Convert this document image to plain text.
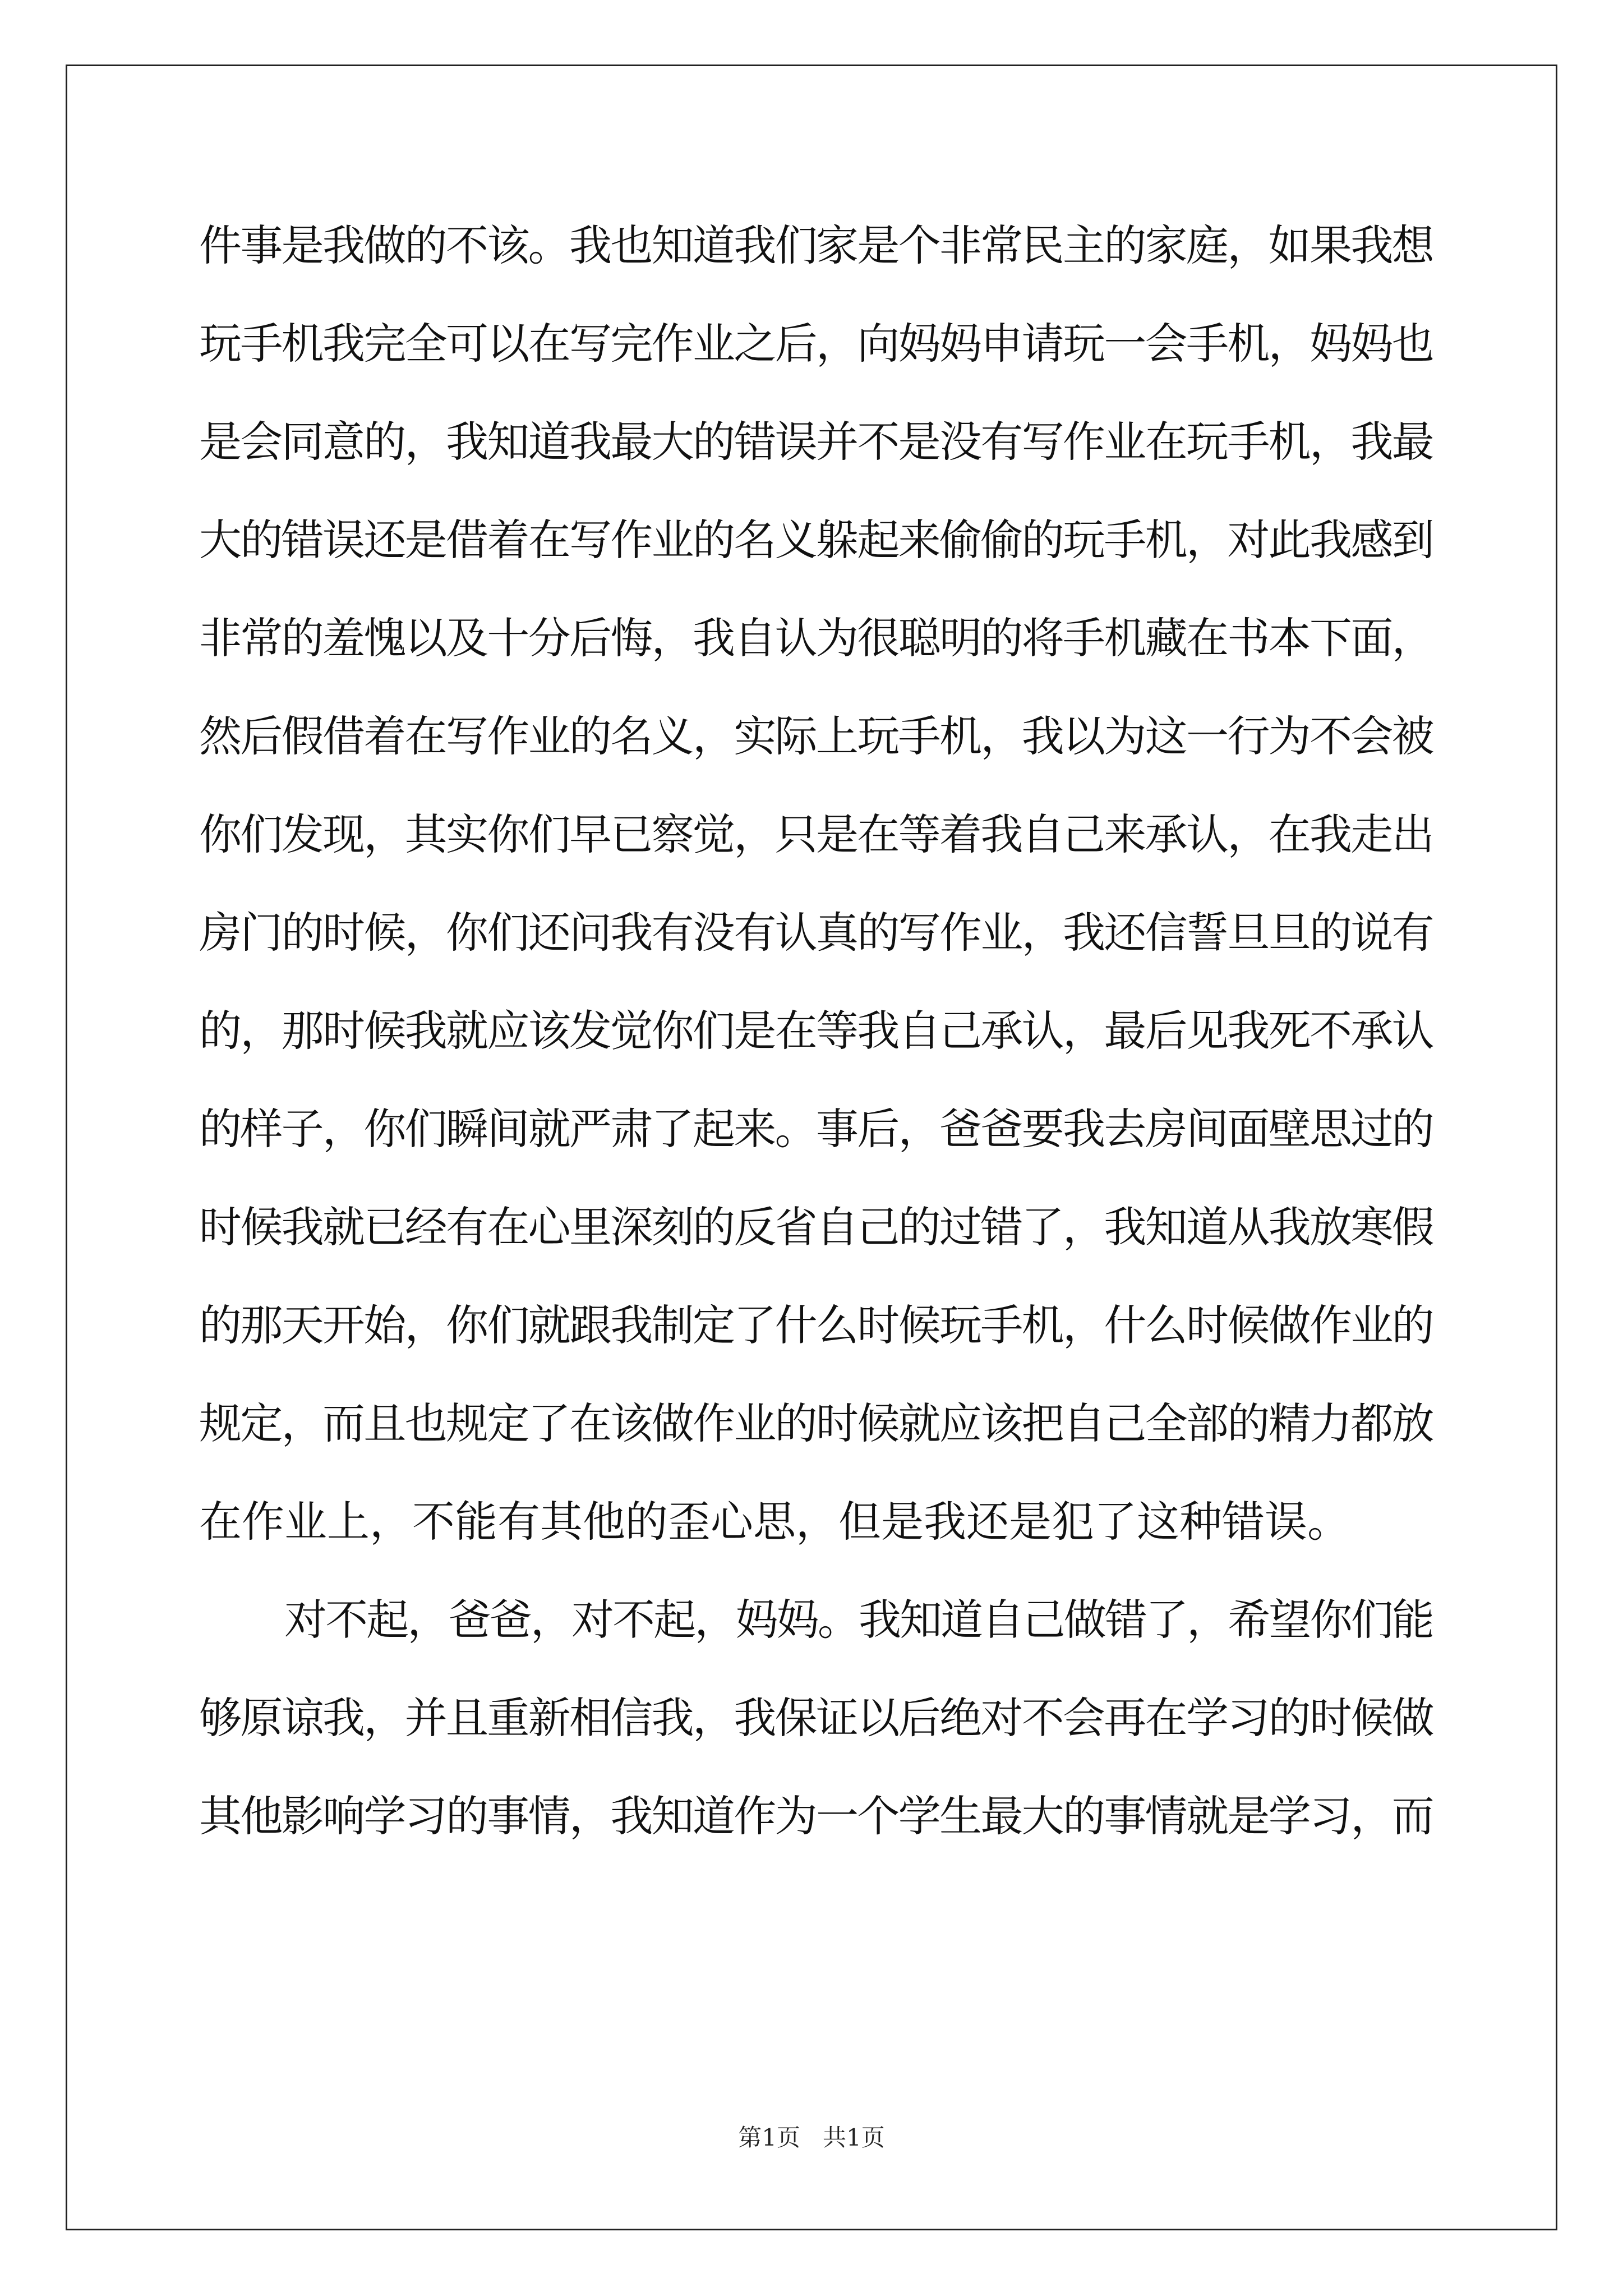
件事是我做的不该。我也知道我们家是个非常民主的家庭，如果我想
玩手机我完全可以在写完作业之后，向妈妈申请玩一会手机，妈妈也
是会同意的，我知道我最大的错误并不是没有写作业在玩手机，我最
大的错误还是借着在写作业的名义躲起来偷偷的玩手机，对此我感到
非常的羞愧以及十分后悔，我自认为很聪明的将手机藏在书本下面，
然后假借着在写作业的名义，实际上玩手机，我以为这一行为不会被
你们发现，其实你们早已察觉，只是在等着我自己来承认，在我走出
房门的时候，你们还问我有没有认真的写作业，我还信誓旦旦的说有
的，那时候我就应该发觉你们是在等我自己承认，最后见我死不承认
的样子，你们瞬间就严肃了起来。事后，爸爸要我去房间面壁思过的
时候我就已经有在心里深刻的反省自己的过错了，我知道从我放寒假
的那天开始，你们就跟我制定了什么时候玩手机，什么时候做作业的
规定，而且也规定了在该做作业的时候就应该把自己全部的精力都放
在作业上，不能有其他的歪心思，但是我还是犯了这种错误。
对不起，爸爸，对不起，妈妈。我知道自己做错了，希望你们能
够原谅我，并且重新相信我，我保证以后绝对不会再在学习的时候做
其他影响学习的事情，我知道作为一个学生最大的事情就是学习，而
第1页   共1页
